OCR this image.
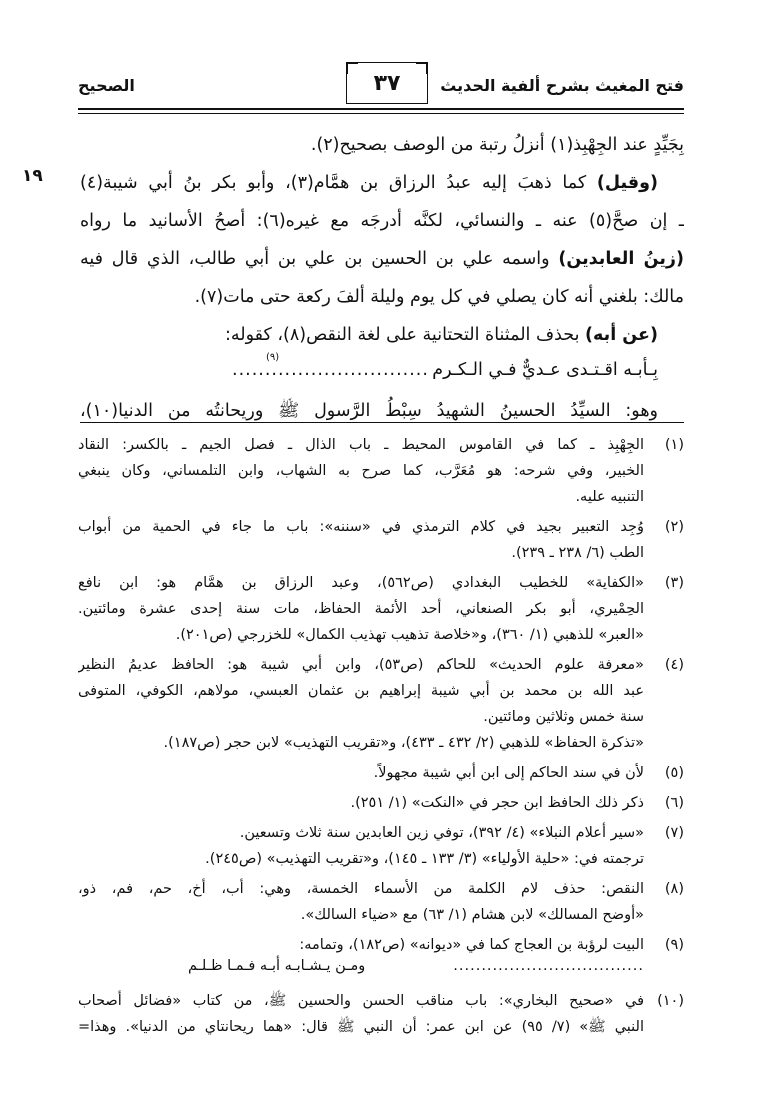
فتح المغيث بشرح ألفية الحديث
٣٧
الصحيح
١٩
بِجَيِّدٍ عند الجِهْبِذ(١) أنزلُ رتبة من الوصف بصحيح(٢).
(وقيل) كما ذهبَ إليه عبدُ الرزاق بن همَّام(٣)، وأبو بكر بنُ أبي شيبة(٤)
ـ إن صحَّ(٥) عنه ـ والنسائي، لكنَّه أدرجَه مع غيره(٦): أصحُ الأسانيد ما رواه
(زينُ العابدين) واسمه علي بن الحسين بن علي بن أبي طالب، الذي قال فيه
مالك: بلغني أنه كان يصلي في كل يوم وليلة ألفَ ركعة حتى مات(٧).
(عن أبه) بحذف المثناة التحتانية على لغة النقص(٨)، كقوله:
بِـأبـه اقـتـدى عـديٌّ فـي الـكـرم
..............................
(٩)
وهو: السيِّدُ الحسينُ الشهيدُ سِبْطُ الرَّسول ﷺ وريحانتُه من الدنيا(١٠)،
(١)
الجِهْبِذ ـ كما في القاموس المحيط ـ باب الذال ـ فصل الجيم ـ بالكسر: النقاد
الخبير، وفي شرحه: هو مُعَرَّب، كما صرح به الشهاب، وابن التلمساني، وكان ينبغي
التنبيه عليه.
(٢)
وُجِد التعبير بجيد في كلام الترمذي في «سننه»: باب ما جاء في الحمية من أبواب
الطب (٦/ ٢٣٨ ـ ٢٣٩).
(٣)
«الكفاية» للخطيب البغدادي (ص٥٦٢)، وعبد الرزاق بن همَّام هو: ابن نافع
الحِمْيري، أبو بكر الصنعاني، أحد الأئمة الحفاظ، مات سنة إحدى عشرة ومائتين.
«العبر» للذهبي (١/ ٣٦٠)، و«خلاصة تذهيب تهذيب الكمال» للخزرجي (ص٢٠١).
(٤)
«معرفة علوم الحديث» للحاكم (ص٥٣)، وابن أبي شيبة هو: الحافظ عديمُ النظير
عبد الله بن محمد بن أبي شيبة إبراهيم بن عثمان العبسي، مولاهم، الكوفي، المتوفى
سنة خمس وثلاثين ومائتين.
«تذكرة الحفاظ» للذهبي (٢/ ٤٣٢ ـ ٤٣٣)، و«تقريب التهذيب» لابن حجر (ص١٨٧).
(٥)
لأن في سند الحاكم إلى ابن أبي شيبة مجهولاً.
(٦)
ذكر ذلك الحافظ ابن حجر في «النكت» (١/ ٢٥١).
(٧)
«سير أعلام النبلاء» (٤/ ٣٩٢)، توفي زين العابدين سنة ثلاث وتسعين.
ترجمته في: «حلية الأولياء» (٣/ ١٣٣ ـ ١٤٥)، و«تقريب التهذيب» (ص٢٤٥).
(٨)
النقص: حذف لام الكلمة من الأسماء الخمسة، وهي: أب، أخ، حم، فم، ذو،
«أوضح المسالك» لابن هشام (١/ ٦٣) مع «ضياء السالك».
(٩)
البيت لرؤبة بن العجاج كما في «ديوانه» (ص١٨٢)، وتمامه:
ومـن يـشـابـه أبـه فـمـا ظـلـم	..................................
(١٠)
في «صحيح البخاري»: باب مناقب الحسن والحسين ﷺ، من كتاب «فضائل أصحاب
النبي ﷺ» (٧/ ٩٥) عن ابن عمر: أن النبي ﷺ قال: «هما ريحانتاي من الدنيا». وهذا=
